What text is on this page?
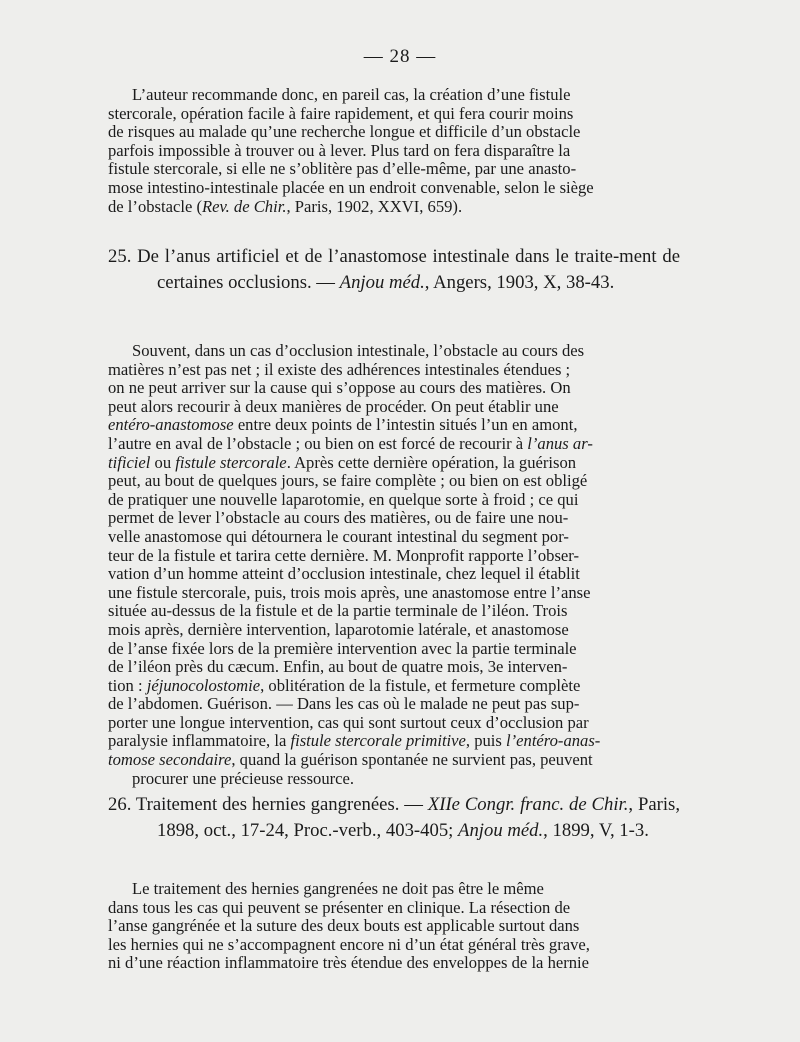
— 28 —
L’auteur recommande donc, en pareil cas, la création d’une fistule
stercorale, opération facile à faire rapidement, et qui fera courir moins
de risques au malade qu’une recherche longue et difficile d’un obstacle
parfois impossible à trouver ou à lever. Plus tard on fera disparaître la
fistule stercorale, si elle ne s’oblitère pas d’elle-même, par une anasto-
mose intestino-intestinale placée en un endroit convenable, selon le siège
de l’obstacle (Rev. de Chir., Paris, 1902, XXVI, 659).
25. De l’anus artificiel et de l’anastomose intestinale dans le traite-ment de certaines occlusions. — Anjou méd., Angers, 1903, X, 38-43.
Souvent, dans un cas d’occlusion intestinale, l’obstacle au cours des
matières n’est pas net ; il existe des adhérences intestinales étendues ;
on ne peut arriver sur la cause qui s’oppose au cours des matières. On
peut alors recourir à deux manières de procéder. On peut établir une
entéro-anastomose entre deux points de l’intestin situés l’un en amont,
l’autre en aval de l’obstacle ; ou bien on est forcé de recourir à l’anus ar-
tificiel ou fistule stercorale. Après cette dernière opération, la guérison
peut, au bout de quelques jours, se faire complète ; ou bien on est obligé
de pratiquer une nouvelle laparotomie, en quelque sorte à froid ; ce qui
permet de lever l’obstacle au cours des matières, ou de faire une nou-
velle anastomose qui détournera le courant intestinal du segment por-
teur de la fistule et tarira cette dernière. M. Monprofit rapporte l’obser-
vation d’un homme atteint d’occlusion intestinale, chez lequel il établit
une fistule stercorale, puis, trois mois après, une anastomose entre l’anse
située au-dessus de la fistule et de la partie terminale de l’iléon. Trois
mois après, dernière intervention, laparotomie latérale, et anastomose
de l’anse fixée lors de la première intervention avec la partie terminale
de l’iléon près du cæcum. Enfin, au bout de quatre mois, 3e interven-
tion : jéjunocolostomie, oblitération de la fistule, et fermeture complète
de l’abdomen. Guérison. — Dans les cas où le malade ne peut pas sup-
porter une longue intervention, cas qui sont surtout ceux d’occlusion par
paralysie inflammatoire, la fistule stercorale primitive, puis l’entéro-anas-
tomose secondaire, quand la guérison spontanée ne survient pas, peuvent
procurer une précieuse ressource.
26. Traitement des hernies gangrenées. — XIIe Congr. franc. de Chir., Paris, 1898, oct., 17-24, Proc.-verb., 403-405; Anjou méd., 1899, V, 1-3.
Le traitement des hernies gangrenées ne doit pas être le même
dans tous les cas qui peuvent se présenter en clinique. La résection de
l’anse gangrénée et la suture des deux bouts est applicable surtout dans
les hernies qui ne s’accompagnent encore ni d’un état général très grave,
ni d’une réaction inflammatoire très étendue des enveloppes de la hernie
